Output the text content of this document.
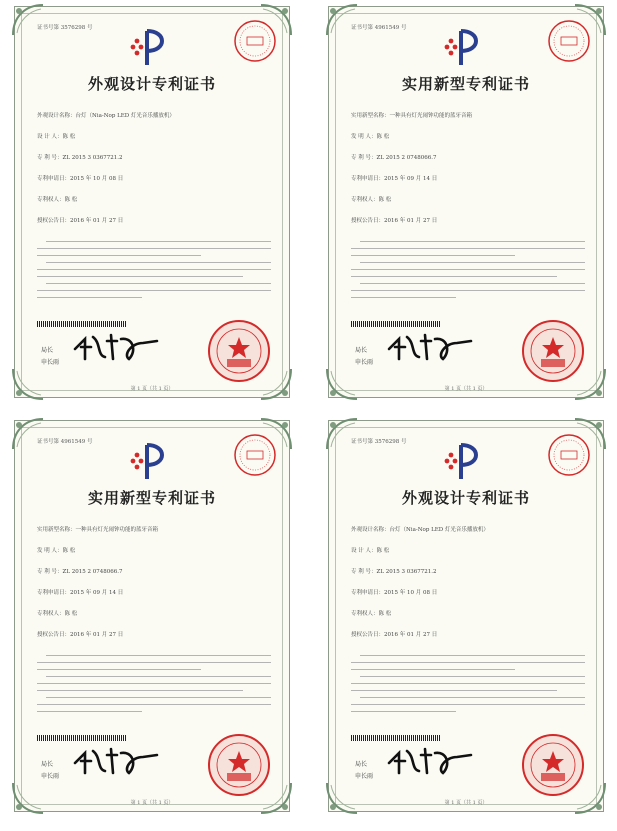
证书号第 3576298 号
外观设计专利证书
外观设计名称：台灯（Nia-Nop LED 灯光音乐播放机）
设 计 人：陈 松
专 利 号：ZL 2015 3 0367721.2
专利申请日：2015 年 10 月 08 日
专利权人：陈 松
授权公告日：2016 年 01 月 27 日
局长
申长雨
第 1 页（共 1 页）
证书号第 4961549 号
实用新型专利证书
实用新型名称：一种具有灯光闹钟功能的蓝牙音箱
发 明 人：陈 松
专 利 号：ZL 2015 2 0748066.7
专利申请日：2015 年 09 月 14 日
专利权人：陈 松
授权公告日：2016 年 01 月 27 日
局长
申长雨
第 1 页（共 1 页）
证书号第 4961549 号
实用新型专利证书
实用新型名称：一种具有灯光闹钟功能的蓝牙音箱
发 明 人：陈 松
专 利 号：ZL 2015 2 0748066.7
专利申请日：2015 年 09 月 14 日
专利权人：陈 松
授权公告日：2016 年 01 月 27 日
局长
申长雨
第 1 页（共 1 页）
证书号第 3576298 号
外观设计专利证书
外观设计名称：台灯（Nia-Nop LED 灯光音乐播放机）
设 计 人：陈 松
专 利 号：ZL 2015 3 0367721.2
专利申请日：2015 年 10 月 08 日
专利权人：陈 松
授权公告日：2016 年 01 月 27 日
局长
申长雨
第 1 页（共 1 页）
